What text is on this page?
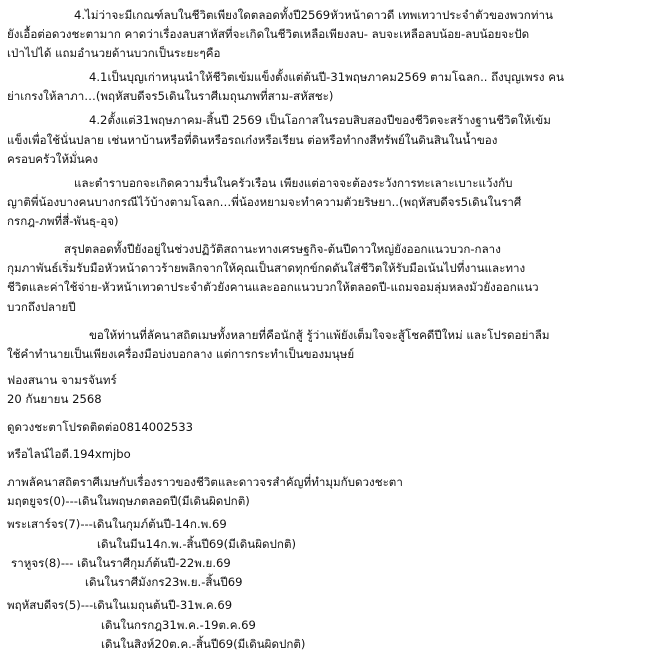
4.ไม่ว่าจะมีเกณฑ์ลบในชีวิตเพียงใดตลอดทั้งปี2569หัวหน้าดาวดี เทพเทวาประจำตัวของพวกท่าน
ยังเอื้อต่อดวงชะตามาก คาดว่าเรื่องลบสาหัสที่จะเกิดในชีวิตเหลือเพียงลบ- ลบจะเหลือลบน้อย-ลบน้อยจะปัด
เป่าไปได้ แถมอำนวยด้านบวกเป็นระยะๆคือ
4.1เป็นบุญเก่าหนุนนำให้ชีวิตเข้มแข็งตั้งแต่ต้นปี-31พฤษภาคม2569 ตามโฉลก.. ถึงบุญเพรง คน
ย่าเกรงให้ลาภา…(พฤหัสบดีจร5เดินในราศีเมถุนภพที่สาม-สหัสชะ)
4.2ตั้งแต่31พฤษภาคม-สิ้นปี 2569 เป็นโอกาสในรอบสิบสองปีของชีวิตจะสร้างฐานชีวิตให้เข้ม
แข็งเพื่อใช้นั่นปลาย เช่นหาบ้านหรือที่ดินหรือรถเก๋งหรือเรียน ต่อหรือทำกงสีทรัพย์ในดินสินในน้ำของ
ครอบครัวให้มั่นคง
และตำราบอกจะเกิดความรื่นในครัวเรือน เพียงแต่อาจจะต้องระวังการทะเลาะเบาะแว้งกับ
ญาติพี่น้องบางคนบางกรณีไว้บ้างตามโฉลก…พี่น้องหยามจะทำความตัวยริษยา..(พฤหัสบดีจร5เดินในราศี
กรกฎ-ภพที่สี่-พันธุ-อุจ)
สรุปตลอดทั้งปียังอยู่ในช่วงปฏิวัติสถานะทางเศรษฐกิจ-ต้นปีดาวใหญ่ยังออกแนวบวก-กลาง
กุมภาพันธ์เริ่มรับมือหัวหน้าดาวร้ายพลิกจากให้คุณเป็นสาดทุกข์กดดันใส่ชีวิตให้รับมือเน้นไปที่งานและทาง
ชีวิตและค่าใช้จ่าย-หัวหน้าเทวดาประจำตัวยังคานและออกแนวบวกให้ตลอดปี-แถมจอมลุ่มหลงมัวยังออกแนว
บวกถึงปลายปี
ขอให้ท่านที่ลัคนาสถิตเมษทั้งหลายที่คือนักสู้ รู้ว่าแพ้ยังเต็มใจจะสู้โชคดีปีใหม่ และโปรดอย่าลืม
ใช้คำทำนายเป็นเพียงเครื่องมือบ่งบอกลาง แต่การกระทำเป็นของมนุษย์
ฟองสนาน จามรจันทร์
20 กันยายน 2568
ดูดวงชะตาโปรดติดต่อ0814002533
หรือไลน์ไอดี.194xmjbo
ภาพลัคนาสถิตราศีเมษกับเรื่องราวของชีวิตและดาวจรสำคัญที่ทำมุมกับดวงชะตา
มฤตยูจร(0)---เดินในพฤษภตลอดปี(มีเดินผิดปกติ)
พระเสาร์จร(7)---เดินในกุมภ์ต้นปี-14ก.พ.69
เดินในมีน14ก.พ.-สิ้นปี69(มีเดินผิดปกติ)
ราหูจร(8)--- เดินในราศีกุมภ์ต้นปี-22พ.ย.69
เดินในราศีมังกร23พ.ย.-สิ้นปี69
พฤหัสบดีจร(5)---เดินในเมถุนต้นปี-31พ.ค.69
เดินในกรกฎ31พ.ค.-19ต.ค.69
เดินในสิงห์20ต.ค.-สิ้นปี69(มีเดินผิดปกติ)
